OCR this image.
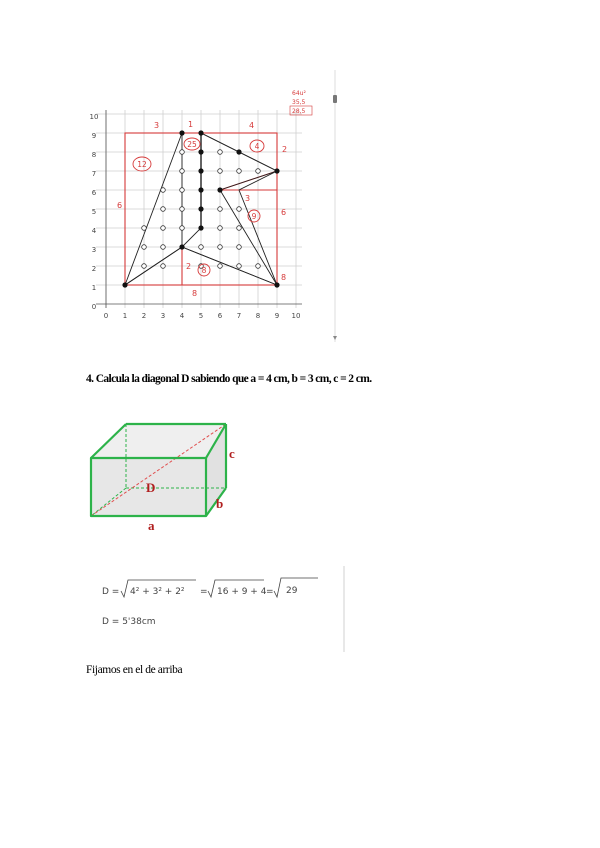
0 1 2 3 4 5 6 7 8 9 10
0
1
2
3
4
5
6
7
8
9
10
3	1	4
2
6
3
6
2
8
8
12
25	4
9
8
64u²
35,5
28,5
4. Calcula la diagonal D sabiendo que a = 4 cm, b = 3 cm, c = 2 cm.
D
a
b
c
D = 4² + 3² + 2² = 16 + 9 + 4 = 29
D = 5'38cm
Fijamos en el de arriba
